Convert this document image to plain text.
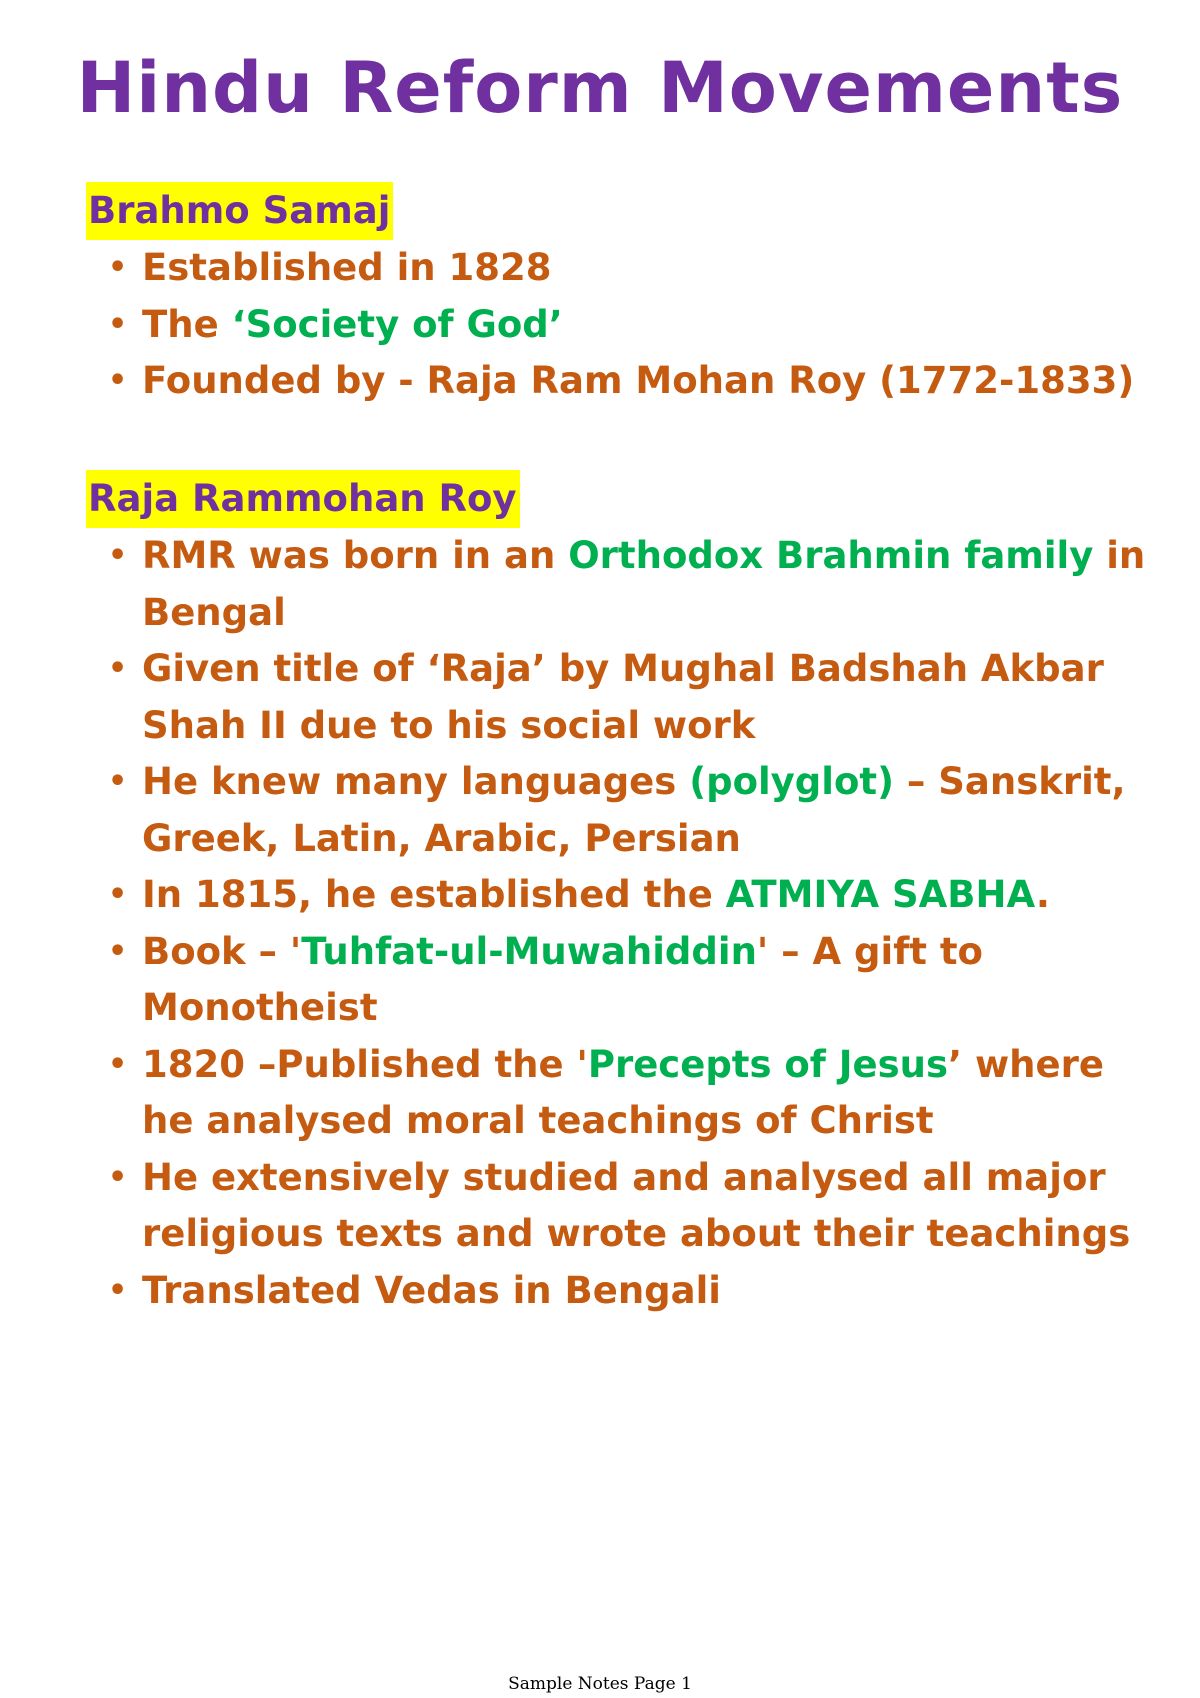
Hindu Reform Movements
Brahmo Samaj
• Established in 1828
• The ‘Society of God’
• Founded by - Raja Ram Mohan Roy (1772-1833)
Raja Rammohan Roy
• RMR was born in an Orthodox Brahmin family in
Bengal
• Given title of ‘Raja’ by Mughal Badshah Akbar
Shah II due to his social work
• He knew many languages (polyglot) – Sanskrit,
Greek, Latin, Arabic, Persian
• In 1815, he established the ATMIYA SABHA.
• Book – 'Tuhfat-ul-Muwahiddin' – A gift to
Monotheist
• 1820 –Published the 'Precepts of Jesus’ where
he analysed moral teachings of Christ
• He extensively studied and analysed all major
religious texts and wrote about their teachings
• Translated Vedas in Bengali
Sample Notes Page 1
